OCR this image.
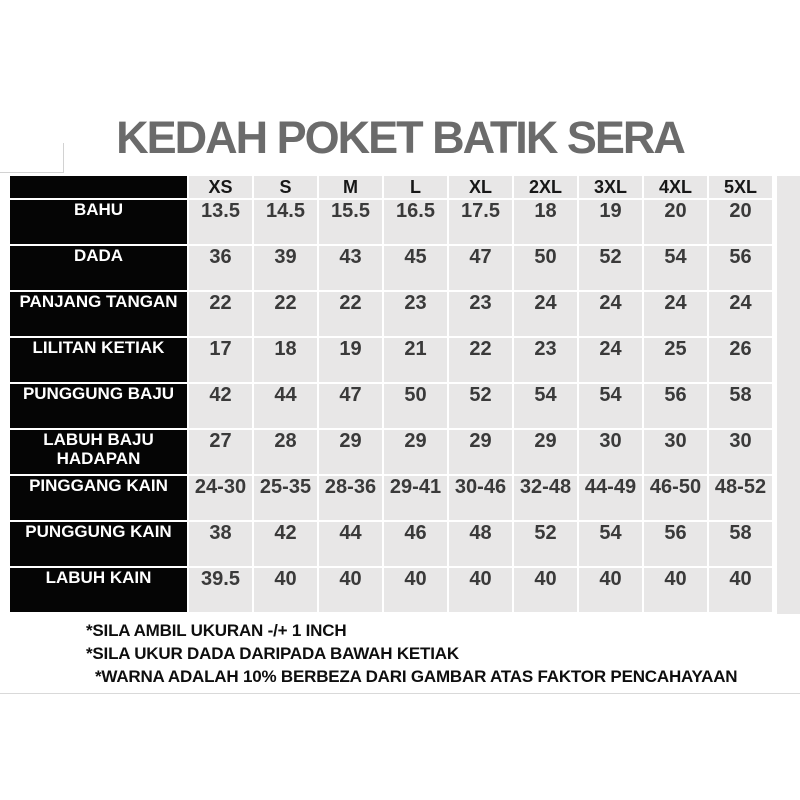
KEDAH POKET BATIK SERA
	XS	S	M	L	XL	2XL	3XL	4XL	5XL
BAHU	13.5	14.5	15.5	16.5	17.5	18	19	20	20
DADA	36	39	43	45	47	50	52	54	56
PANJANG TANGAN	22	22	22	23	23	24	24	24	24
LILITAN KETIAK	17	18	19	21	22	23	24	25	26
PUNGGUNG BAJU	42	44	47	50	52	54	54	56	58
LABUH BAJU HADAPAN	27	28	29	29	29	29	30	30	30
PINGGANG KAIN	24-30	25-35	28-36	29-41	30-46	32-48	44-49	46-50	48-52
PUNGGUNG KAIN	38	42	44	46	48	52	54	56	58
LABUH KAIN	39.5	40	40	40	40	40	40	40	40
*SILA AMBIL UKURAN -/+ 1 INCH
*SILA UKUR DADA DARIPADA BAWAH KETIAK
*WARNA ADALAH 10% BERBEZA DARI GAMBAR ATAS FAKTOR PENCAHAYAAN
